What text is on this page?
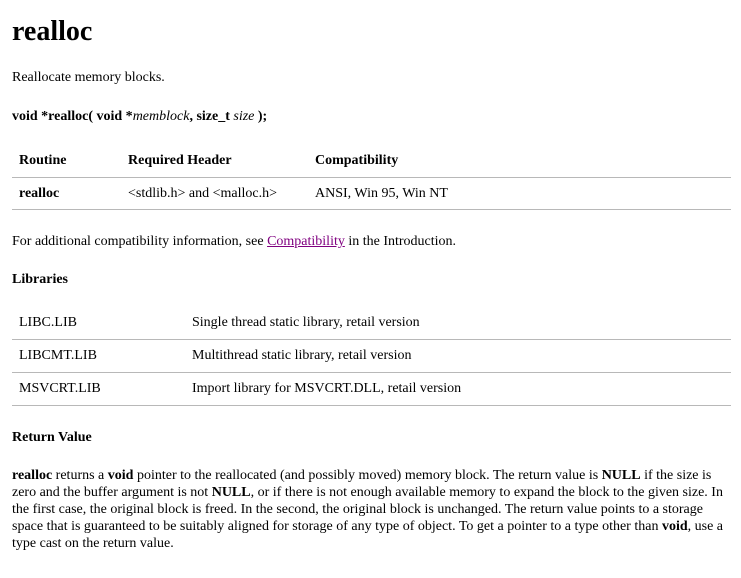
realloc

Reallocate memory blocks.

void *realloc( void *memblock, size_t size );

Routine	Required Header	Compatibility
realloc	<stdlib.h> and <malloc.h>	ANSI, Win 95, Win NT

For additional compatibility information, see Compatibility in the Introduction.

Libraries

LIBC.LIB	Single thread static library, retail version
LIBCMT.LIB	Multithread static library, retail version
MSVCRT.LIB	Import library for MSVCRT.DLL, retail version

Return Value

realloc returns a void pointer to the reallocated (and possibly moved) memory block. The return value is NULL if the size is zero and the buffer argument is not NULL, or if there is not enough available memory to expand the block to the given size. In the first case, the original block is freed. In the second, the original block is unchanged. The return value points to a storage space that is guaranteed to be suitably aligned for storage of any type of object. To get a pointer to a type other than void, use a type cast on the return value.
